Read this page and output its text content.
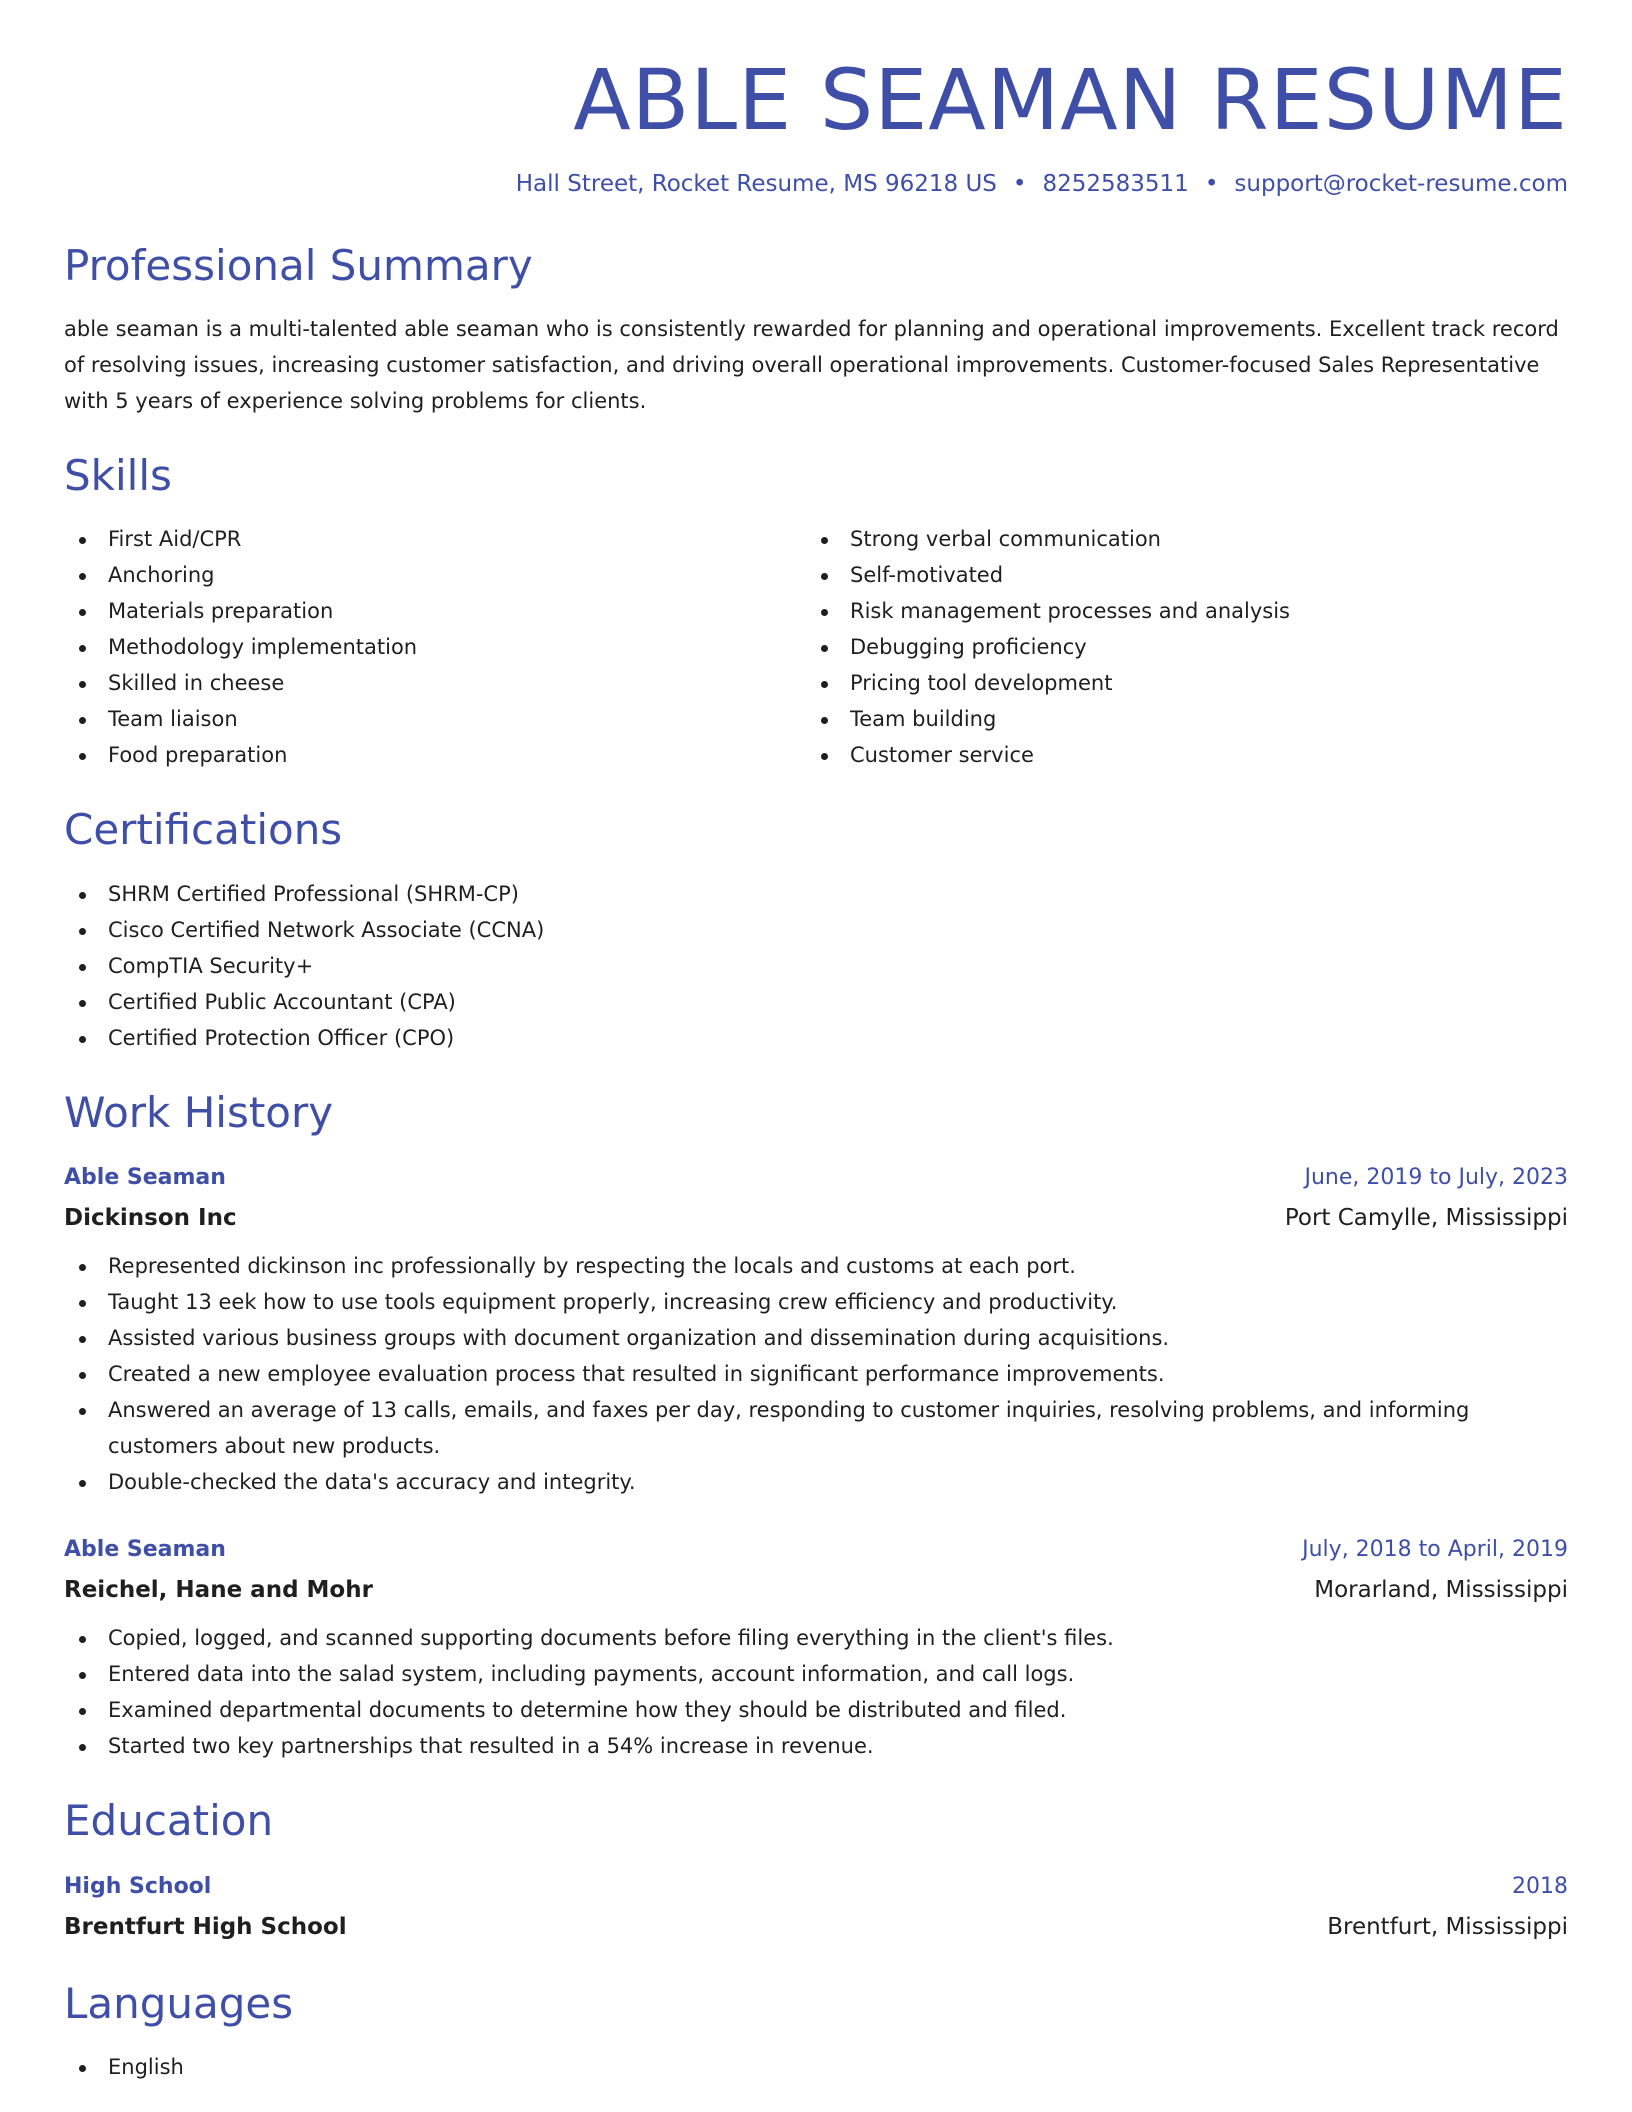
ABLE SEAMAN RESUME
Hall Street, Rocket Resume, MS 96218 US • 8252583511 • support@rocket-resume.com
Professional Summary

able seaman is a multi-talented able seaman who is consistently rewarded for planning and operational improvements. Excellent track record of resolving issues, increasing customer satisfaction, and driving overall operational improvements. Customer-focused Sales Representative with 5 years of experience solving problems for clients.

Skills
First Aid/CPR
Anchoring
Materials preparation
Methodology implementation
Skilled in cheese
Team liaison
Food preparation
Strong verbal communication
Self-motivated
Risk management processes and analysis
Debugging proficiency
Pricing tool development
Team building
Customer service
Certifications
SHRM Certified Professional (SHRM-CP)
Cisco Certified Network Associate (CCNA)
CompTIA Security+
Certified Public Accountant (CPA)
Certified Protection Officer (CPO)
Work History
Able Seaman	June, 2019 to July, 2023
Dickinson Inc	Port Camylle, Mississippi
Represented dickinson inc professionally by respecting the locals and customs at each port.
Taught 13 eek how to use tools equipment properly, increasing crew efficiency and productivity.
Assisted various business groups with document organization and dissemination during acquisitions.
Created a new employee evaluation process that resulted in significant performance improvements.
Answered an average of 13 calls, emails, and faxes per day, responding to customer inquiries, resolving problems, and informing customers about new products.
Double-checked the data's accuracy and integrity.
Able Seaman	July, 2018 to April, 2019
Reichel, Hane and Mohr	Morarland, Mississippi
Copied, logged, and scanned supporting documents before filing everything in the client's files.
Entered data into the salad system, including payments, account information, and call logs.
Examined departmental documents to determine how they should be distributed and filed.
Started two key partnerships that resulted in a 54% increase in revenue.
Education
High School	2018
Brentfurt High School	Brentfurt, Mississippi
Languages
English
